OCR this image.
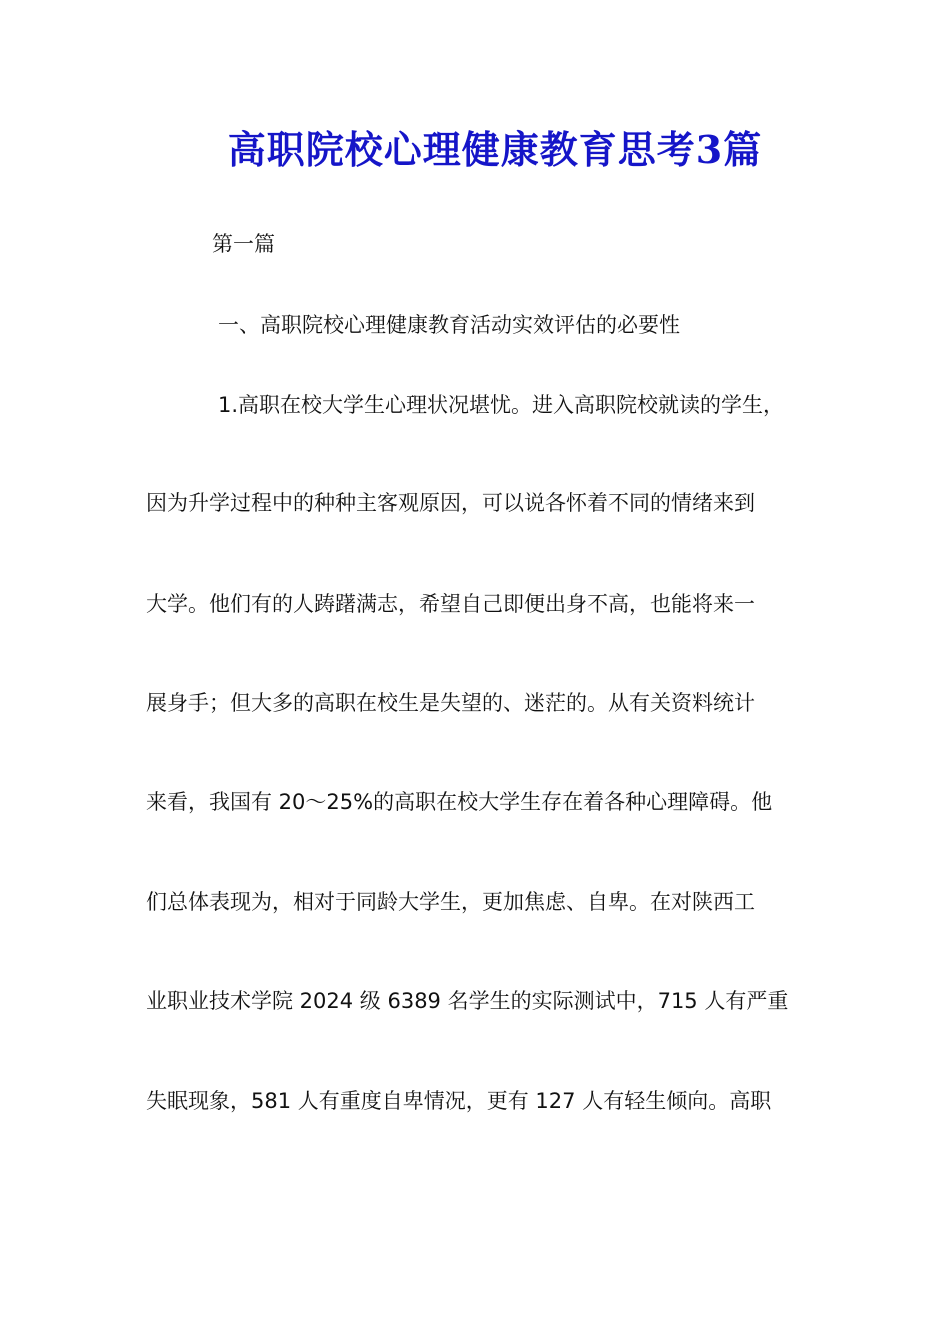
高职院校心理健康教育思考3篇
第一篇
一、高职院校心理健康教育活动实效评估的必要性
1.高职在校大学生心理状况堪忧。进入高职院校就读的学生，
因为升学过程中的种种主客观原因，可以说各怀着不同的情绪来到
大学。他们有的人踌躇满志，希望自己即便出身不高，也能将来一
展身手；但大多的高职在校生是失望的、迷茫的。从有关资料统计
来看，我国有 20～25%的高职在校大学生存在着各种心理障碍。他
们总体表现为，相对于同龄大学生，更加焦虑、自卑。在对陕西工
业职业技术学院 2024 级 6389 名学生的实际测试中，715 人有严重
失眠现象，581 人有重度自卑情况，更有 127 人有轻生倾向。高职
